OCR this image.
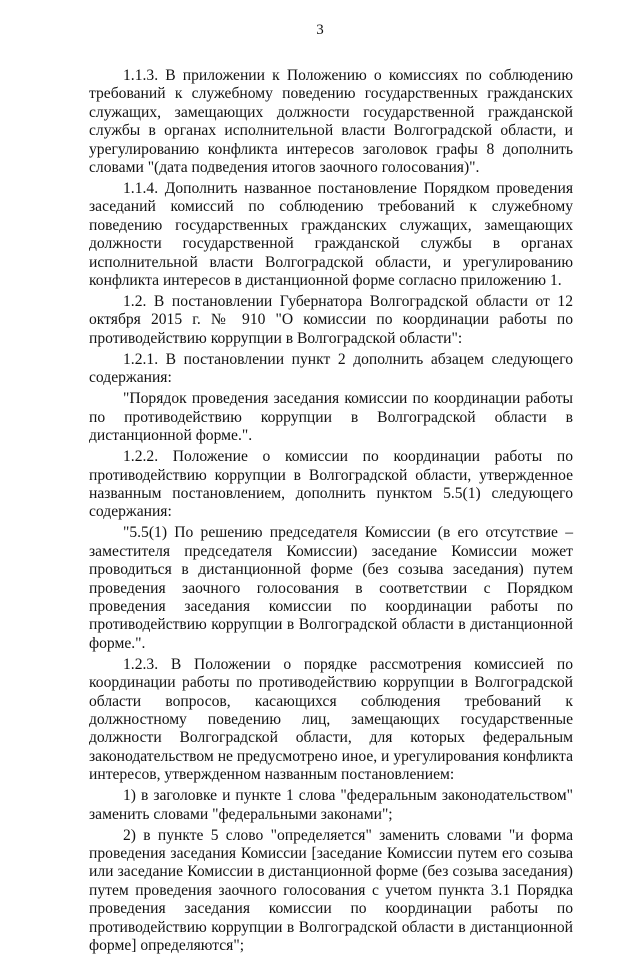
3

1.1.3. В приложении к Положению о комиссиях по соблюдению требований к служебному поведению государственных гражданских служащих, замещающих должности государственной гражданской службы в органах исполнительной власти Волгоградской области, и урегулированию конфликта интересов заголовок графы 8 дополнить словами "(дата подведения итогов заочного голосования)".

1.1.4. Дополнить названное постановление Порядком проведения заседаний комиссий по соблюдению требований к служебному поведению государственных гражданских служащих, замещающих должности государственной гражданской службы в органах исполнительной власти Волгоградской области, и урегулированию конфликта интересов в дистанционной форме согласно приложению 1.

1.2. В постановлении Губернатора Волгоградской области от 12 октября 2015 г. № 910 "О комиссии по координации работы по противодействию коррупции в Волгоградской области":

1.2.1. В постановлении пункт 2 дополнить абзацем следующего содержания:

"Порядок проведения заседания комиссии по координации работы по противодействию коррупции в Волгоградской области в дистанционной форме.".

1.2.2. Положение о комиссии по координации работы по противодействию коррупции в Волгоградской области, утвержденное названным постановлением, дополнить пунктом 5.5(1) следующего содержания:

"5.5(1) По решению председателя Комиссии (в его отсутствие – заместителя председателя Комиссии) заседание Комиссии может проводиться в дистанционной форме (без созыва заседания) путем проведения заочного голосования в соответствии с Порядком проведения заседания комиссии по координации работы по противодействию коррупции в Волгоградской области в дистанционной форме.".

1.2.3. В Положении о порядке рассмотрения комиссией по координации работы по противодействию коррупции в Волгоградской области вопросов, касающихся соблюдения требований к должностному поведению лиц, замещающих государственные должности Волгоградской области, для которых федеральным законодательством не предусмотрено иное, и урегулирования конфликта интересов, утвержденном названным постановлением:

1) в заголовке и пункте 1 слова "федеральным законодательством" заменить словами "федеральными законами";

2) в пункте 5 слово "определяется" заменить словами "и форма проведения заседания Комиссии [заседание Комиссии путем его созыва или заседание Комиссии в дистанционной форме (без созыва заседания) путем проведения заочного голосования с учетом пункта 3.1 Порядка проведения заседания комиссии по координации работы по противодействию коррупции в Волгоградской области в дистанционной форме] определяются";
